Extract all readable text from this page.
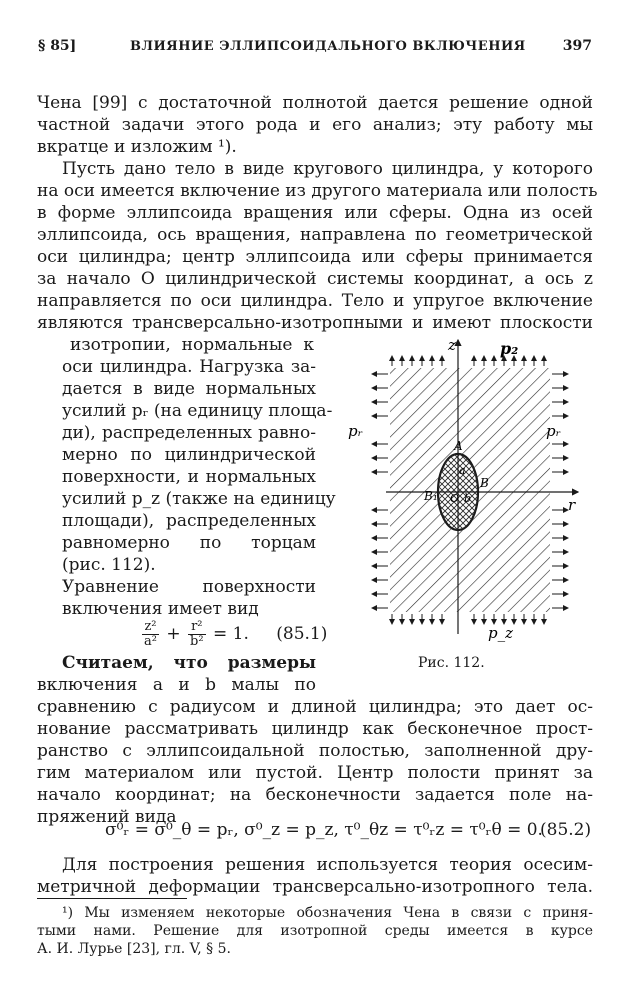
§ 85]	ВЛИЯНИЕ ЭЛЛИПСОИДАЛЬНОГО ВКЛЮЧЕНИЯ	397
Чена [99] с достаточной полнотой дается решение одной
частной задачи этого рода и его анализ; эту работу мы
вкратце и изложим ¹).
Пусть дано тело в виде кругового цилиндра, у которого
на оси имеется включение из другого материала или полость
в форме эллипсоида вращения или сферы. Одна из осей
эллипсоида, ось вращения, направлена по геометрической
оси цилиндра; центр эллипсоида или сферы принимается
за начало O цилиндрической системы координат, а ось z
направляется по оси цилиндра. Тело и упругое включение
являются трансверсально-изотропными и имеют плоскости
изотропии, нормальные к
оси цилиндра. Нагрузка за-
дается в виде нормальных
усилий pᵣ (на единицу площа-
ди), распределенных равно-
мерно по цилиндрической
поверхности, и нормальных
усилий p_z (также на единицу
площади), распределенных
равномерно по торцам
(рис. 112).
Уравнение поверхности
включения имеет вид
$\frac{\text{z²}}{\text{a²}} + \frac{\text{r²}}{\text{b²}} = 1$. (85.1)
Считаем, что размеры
включения a и b малы по
сравнению с радиусом и длиной цилиндра; это дает ос-
нование рассматривать цилиндр как бесконечное прост-
ранство с эллипсоидальной полостью, заполненной дру-
гим материалом или пустой. Центр полости принят за
начало координат; на бесконечности задается поле на-
пряжений вида
σ⁰ᵣ = σ⁰_θ = pᵣ, σ⁰_z = p_z, τ⁰_θz = τ⁰ᵣz = τ⁰ᵣθ = 0.
(85.2)
Для построения решения используется теория осесим-
метричной деформации трансверсально-изотропного тела.
¹) Мы изменяем некоторые обозначения Чена в связи с приня-
тыми нами. Решение для изотропной среды имеется в курсе
А. И. Лурье [23], гл. V, § 5.
z	p₂
pᵣ	pᵣ
r
p_z
A
B
B₁ O
a
b
Рис. 112.
